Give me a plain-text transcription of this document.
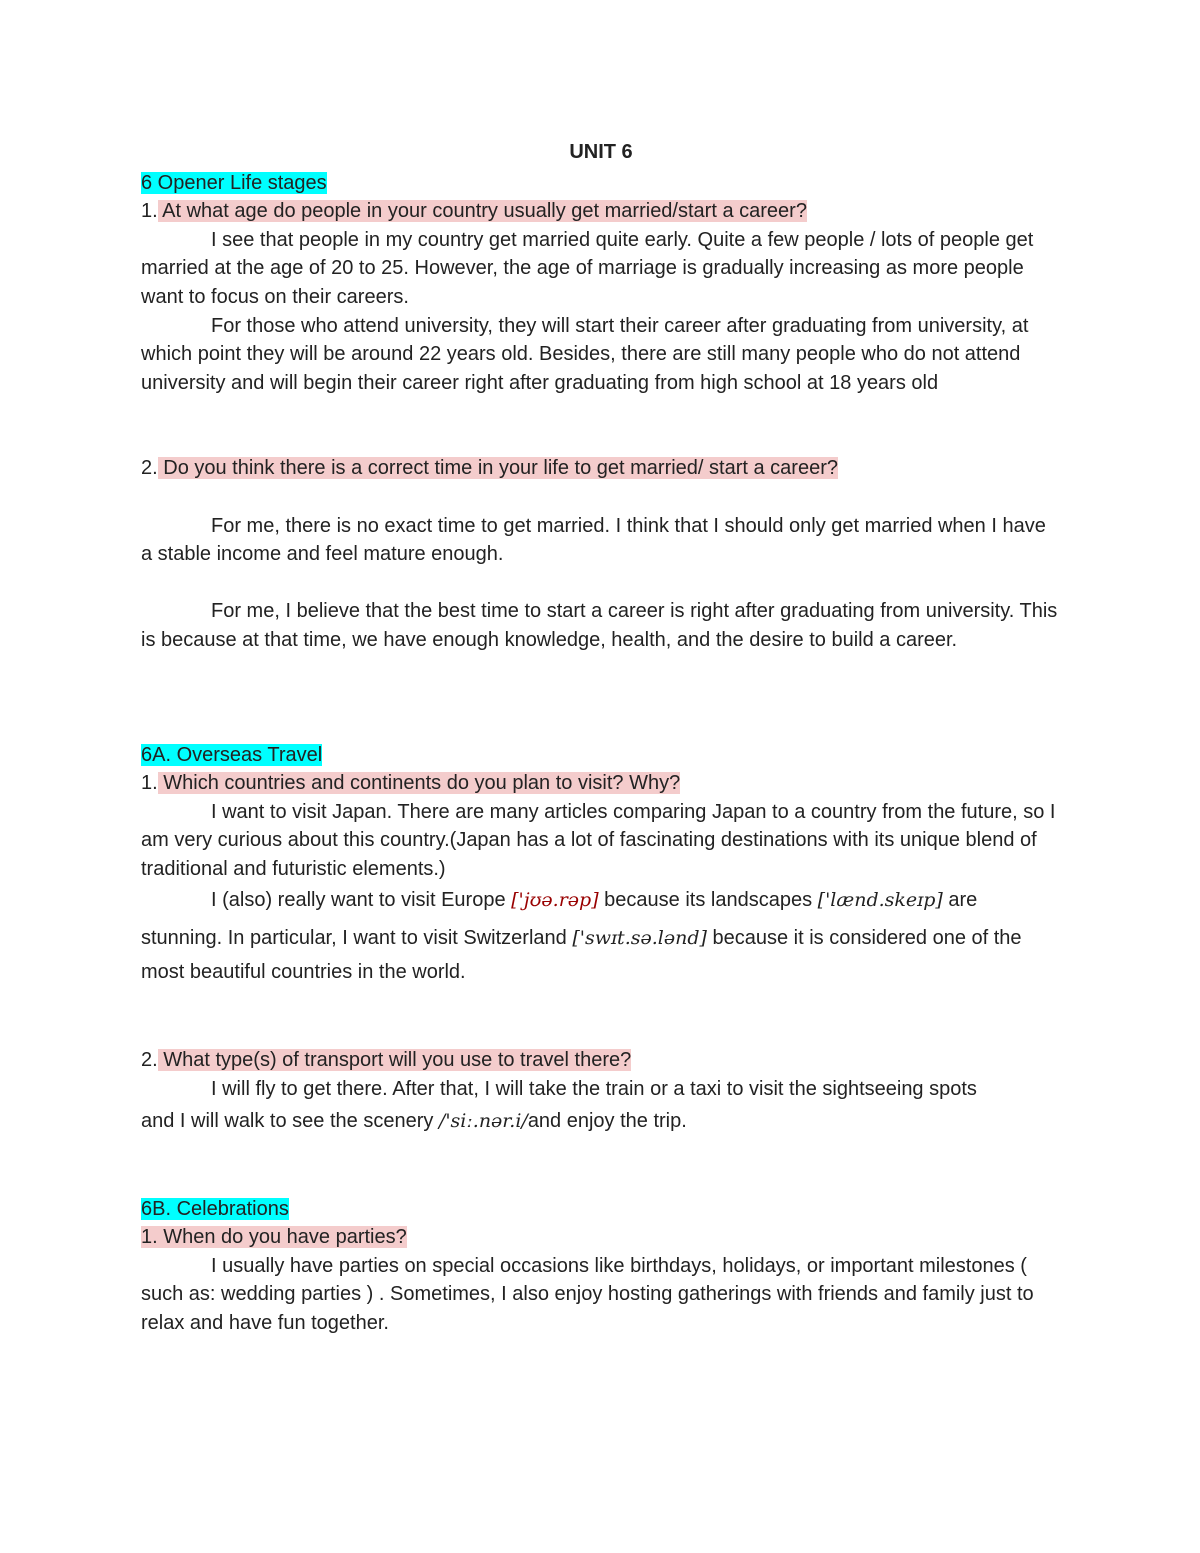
UNIT 6

6 Opener Life stages

1. At what age do people in your country usually get married/start a career?

I see that people in my country get married quite early. Quite a few people / lots of people get married at the age of 20 to 25. However, the age of marriage is gradually increasing as more people want to focus on their careers.

For those who attend university, they will start their career after graduating from university, at which point they will be around 22 years old. Besides, there are still many people who do not attend university and will begin their career right after graduating from high school at 18 years old

2. Do you think there is a correct time in your life to get married/ start a career?

For me, there is no exact time to get married. I think that I should only get married when I have a stable income and feel mature enough.

For me, I believe that the best time to start a career is right after graduating from university. This is because at that time, we have enough knowledge, health, and the desire to build a career.

6A. Overseas Travel

1. Which countries and continents do you plan to visit? Why?

I want to visit Japan. There are many articles comparing Japan to a country from the future, so I am very curious about this country.(Japan has a lot of fascinating destinations with its unique blend of traditional and futuristic elements.)

I (also) really want to visit Europe ['jʊə.rəp] because its landscapes ['lænd.skeɪp] are

stunning. In particular, I want to visit Switzerland ['swɪt.sə.lənd] because it is considered one of the most beautiful countries in the world.

2. What type(s) of transport will you use to travel there?

I will fly to get there. After that, I will take the train or a taxi to visit the sightseeing spots

and I will walk to see the scenery /'siː.nər.i/and enjoy the trip.

6B. Celebrations

1. When do you have parties?

I usually have parties on special occasions like birthdays, holidays, or important milestones ( such as: wedding parties ) . Sometimes, I also enjoy hosting gatherings with friends and family just to relax and have fun together.
